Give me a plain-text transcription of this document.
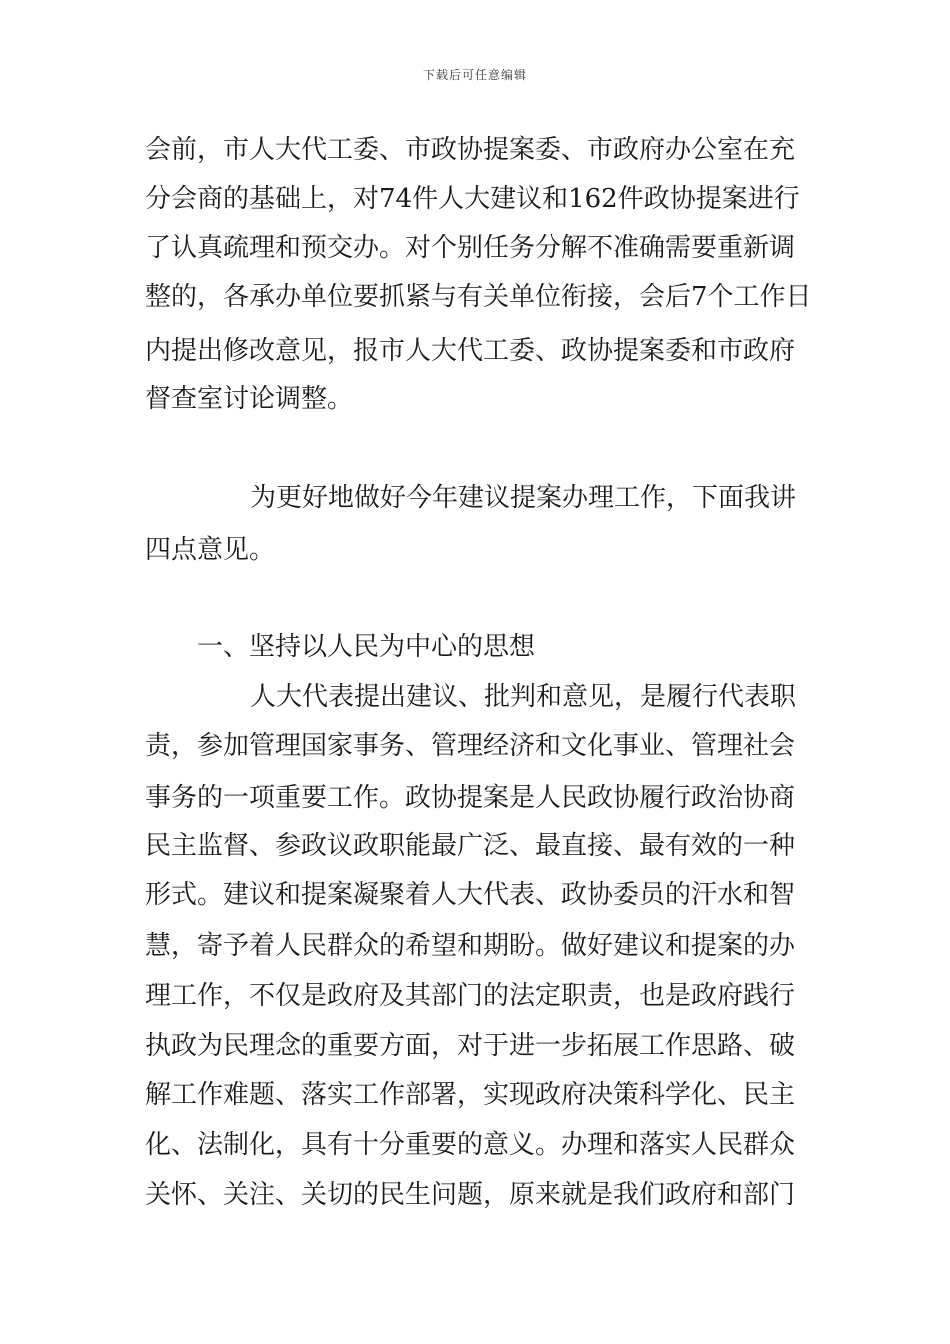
下载后可任意编辑
会前，市人大代工委、市政协提案委、市政府办公室在充
分会商的基础上，对74件人大建议和162件政协提案进行
了认真疏理和预交办。对个别任务分解不准确需要重新调
整的，各承办单位要抓紧与有关单位衔接，会后7个工作日
内提出修改意见，报市人大代工委、政协提案委和市政府
督查室讨论调整。
为更好地做好今年建议提案办理工作，下面我讲
四点意见。
一、坚持以人民为中心的思想
人大代表提出建议、批判和意见，是履行代表职
责，参加管理国家事务、管理经济和文化事业、管理社会
事务的一项重要工作。政协提案是人民政协履行政治协商
民主监督、参政议政职能最广泛、最直接、最有效的一种
形式。建议和提案凝聚着人大代表、政协委员的汗水和智
慧，寄予着人民群众的希望和期盼。做好建议和提案的办
理工作，不仅是政府及其部门的法定职责，也是政府践行
执政为民理念的重要方面，对于进一步拓展工作思路、破
解工作难题、落实工作部署，实现政府决策科学化、民主
化、法制化，具有十分重要的意义。办理和落实人民群众
关怀、关注、关切的民生问题，原来就是我们政府和部门
